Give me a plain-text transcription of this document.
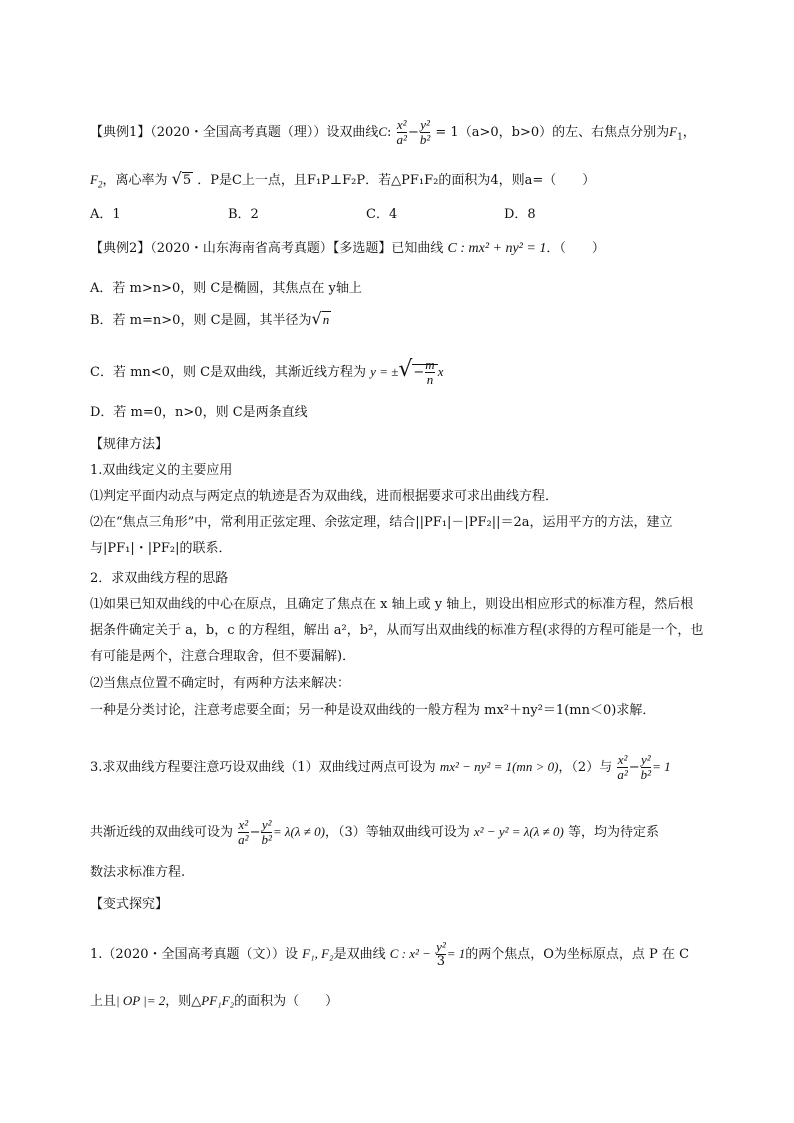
【典例1】（2020・全国高考真题（理））设双曲线C: $\frac{\text{x²}}{\text{a²}} - \frac{\text{y²}}{\text{b²}} = 1(a>0$，b>0）的左、右焦点分别为$F_1$，
$F_2$，离心率为 √5 ．P是C上一点，且F₁P⊥F₂P．若△PF₁F₂的面积为4，则a=（　　）
A．1	B．2	C．4	D．8
【典例2】（2020・山东海南省高考真题）【多选题】已知曲线 C : mx² + ny² = 1．（　　）
A．若 m>n>0，则 C是椭圆，其焦点在 y轴上
B．若 m=n>0，则 C是圆，其半径为√n
C．若 mn<0，则 C是双曲线，其渐近线方程为 y = ±√− $\frac{m}{n}$ x
D．若 m=0，n>0，则 C是两条直线
【规律方法】
1.双曲线定义的主要应用
⑴判定平面内动点与两定点的轨迹是否为双曲线，进而根据要求可求出曲线方程．
⑵在“焦点三角形”中，常利用正弦定理、余弦定理，结合||PF₁|－|PF₂||＝2a，运用平方的方法，建立
与|PF₁|・|PF₂|的联系．
2．求双曲线方程的思路
⑴如果已知双曲线的中心在原点，且确定了焦点在 x 轴上或 y 轴上，则设出相应形式的标准方程，然后根
据条件确定关于 a，b，c 的方程组，解出 a²，b²，从而写出双曲线的标准方程(求得的方程可能是一个，也
有可能是两个，注意合理取舍，但不要漏解)．
⑵当焦点位置不确定时，有两种方法来解决：
一种是分类讨论，注意考虑要全面；另一种是设双曲线的一般方程为 mx²＋ny²＝1(mn＜0)求解．
3.求双曲线方程要注意巧设双曲线（1）双曲线过两点可设为 mx² − ny² = 1(mn > 0)，（2）与 $\frac{\text{x²}}{\text{a²}} - \frac{\text{y²}}{\text{b²}} = 1$
共渐近线的双曲线可设为 $\frac{\text{x²}}{\text{a²}} - \frac{\text{y²}}{\text{b²}} = \lambda(\lambda \ne 0)$，（3）等轴双曲线可设为 x² − y² = λ(λ ≠ 0) 等，均为待定系
数法求标准方程.
【变式探究】
1.（2020・全国高考真题（文））设 F₁, F₂是双曲线 C : $x^2 - \frac{\text{y²}}{3} = 1$的两个焦点，O为坐标原点，点 P 在 C
上且| OP |= 2，则△PF₁F₂的面积为（　　）
